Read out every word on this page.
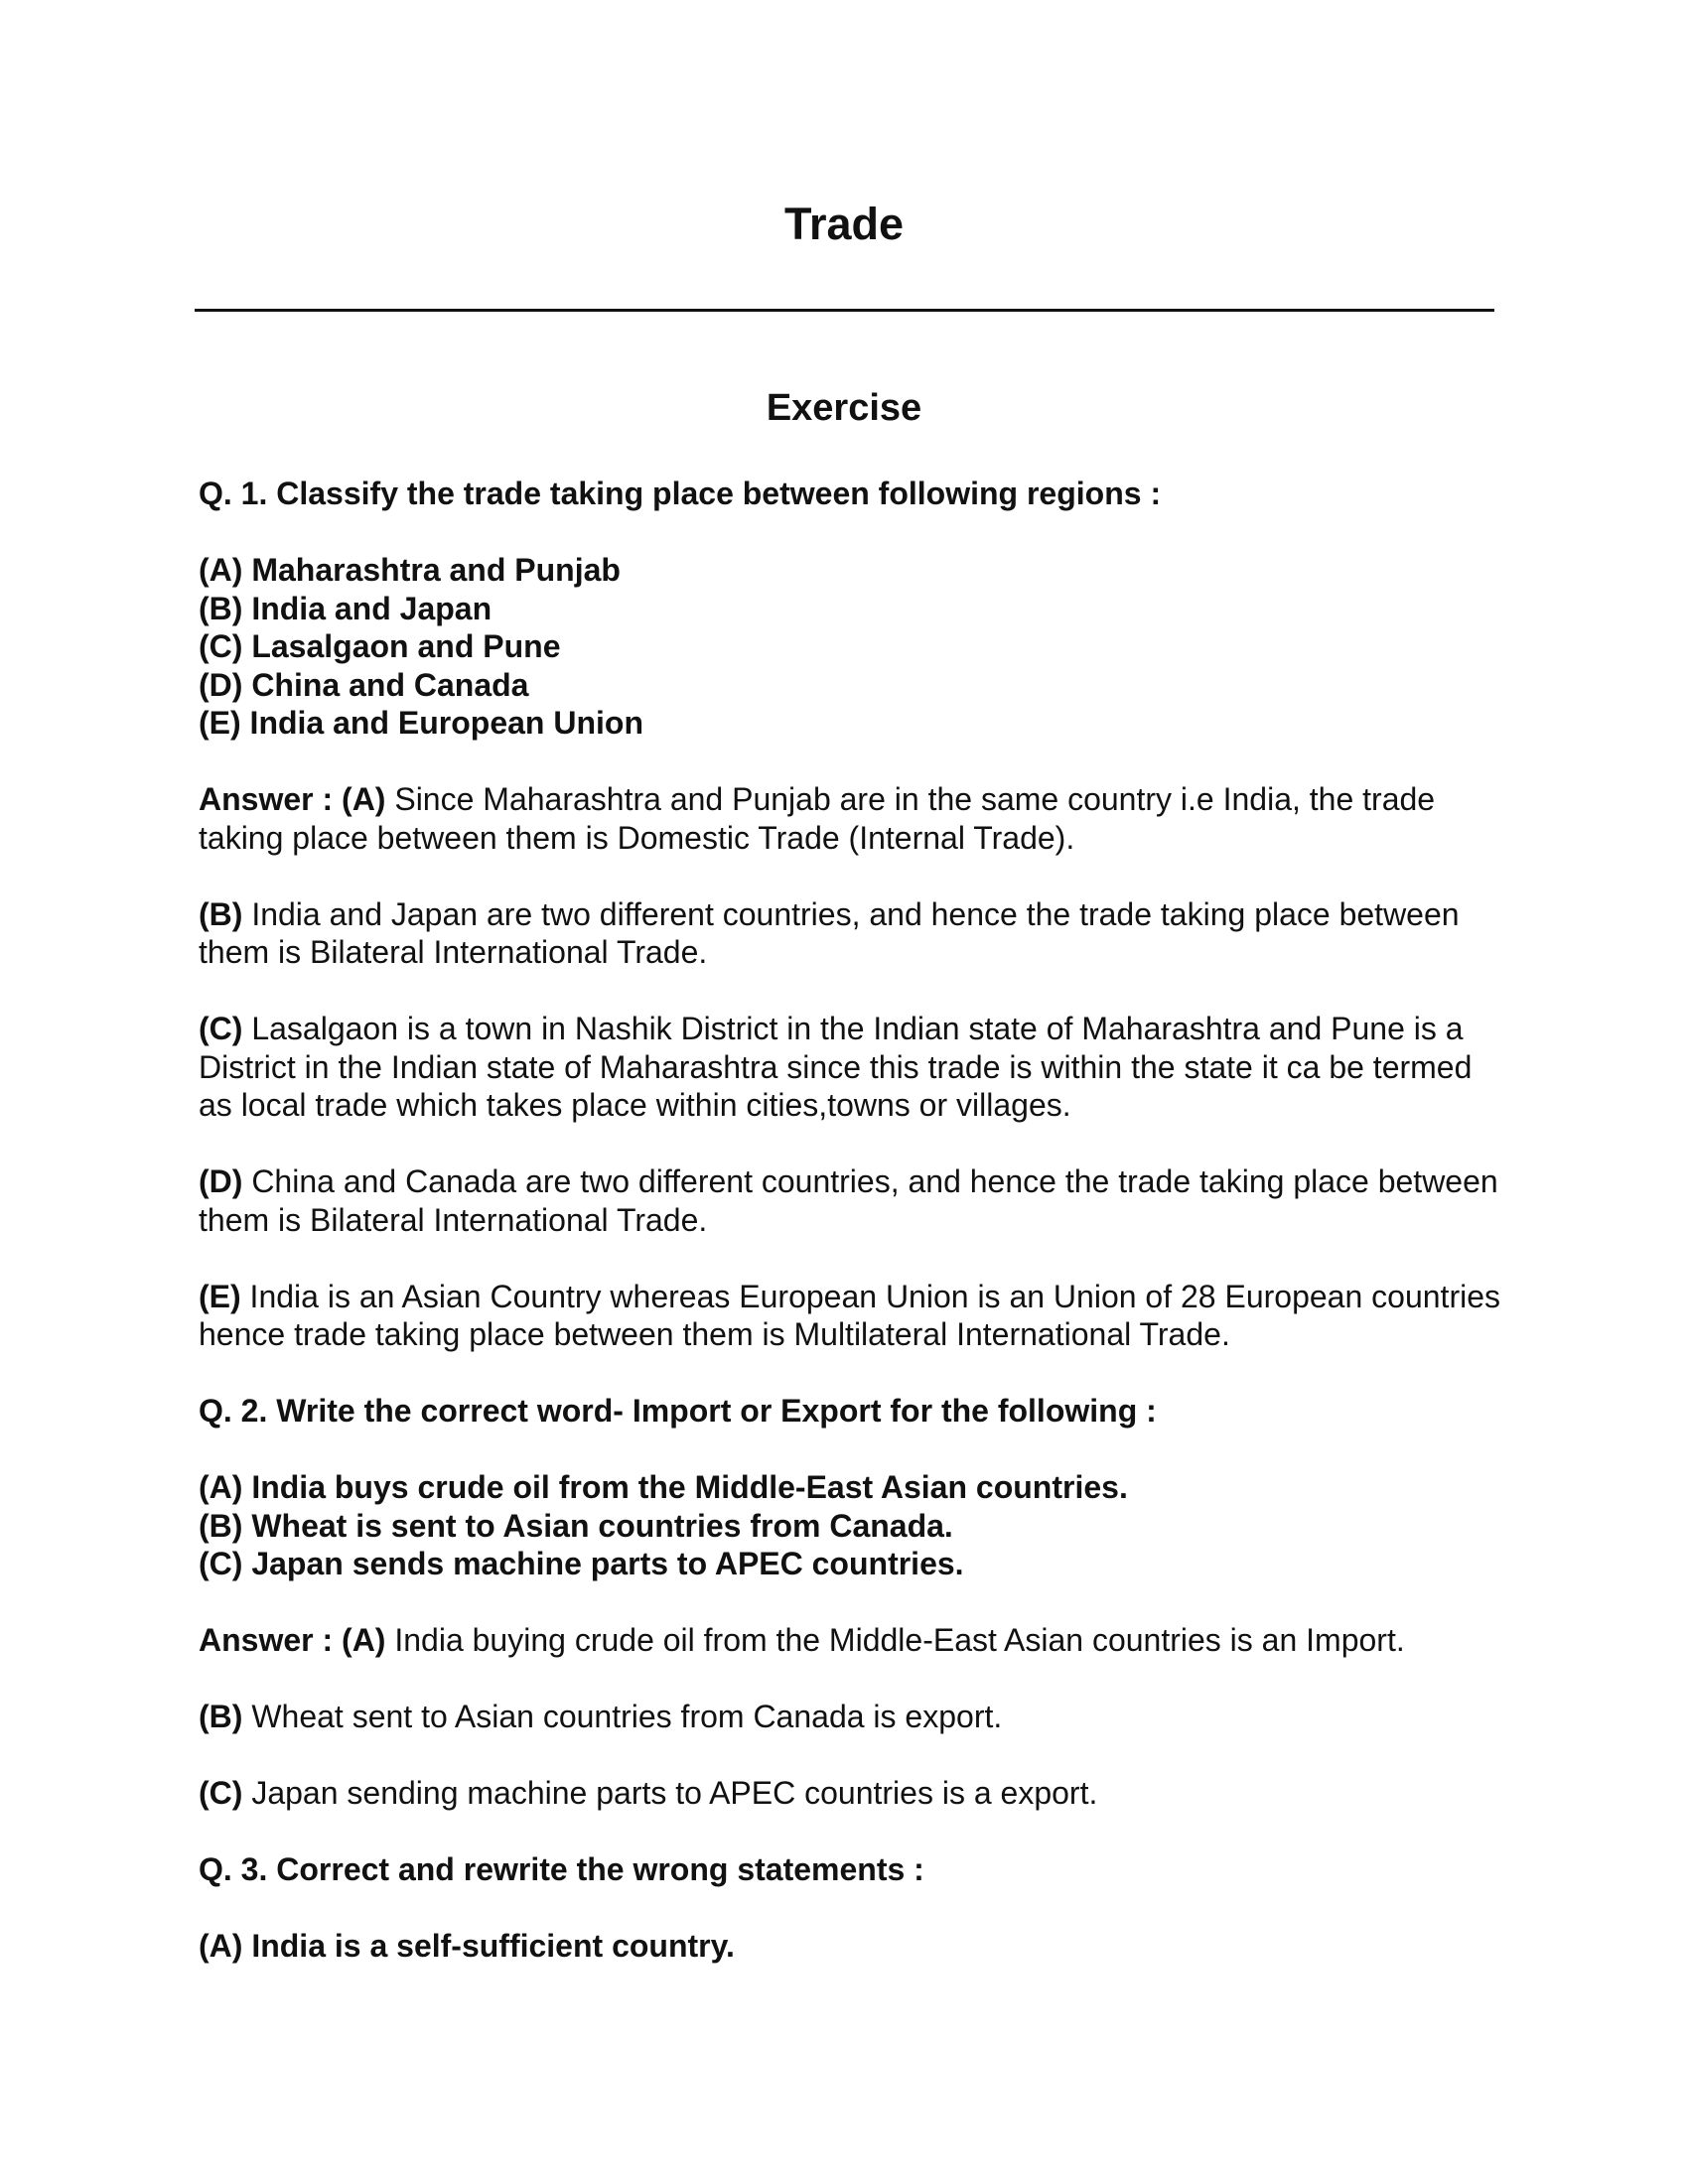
Trade
Exercise
Q. 1. Classify the trade taking place between following regions :
(A) Maharashtra and Punjab
(B) India and Japan
(C) Lasalgaon and Pune
(D) China and Canada
(E) India and European Union
Answer : (A) Since Maharashtra and Punjab are in the same country i.e India, the trade taking place between them is Domestic Trade (Internal Trade).
(B) India and Japan are two different countries, and hence the trade taking place between them is Bilateral International Trade.
(C) Lasalgaon is a town in Nashik District in the Indian state of Maharashtra and Pune is a District in the Indian state of Maharashtra since this trade is within the state it ca be termed as local trade which takes place within cities,towns or villages.
(D) China and Canada are two different countries, and hence the trade taking place between them is Bilateral International Trade.
(E) India is an Asian Country whereas European Union is an Union of 28 European countries hence trade taking place between them is Multilateral International Trade.
Q. 2. Write the correct word- Import or Export for the following :
(A) India buys crude oil from the Middle-East Asian countries.
(B) Wheat is sent to Asian countries from Canada.
(C) Japan sends machine parts to APEC countries.
Answer : (A) India buying crude oil from the Middle-East Asian countries is an Import.
(B) Wheat sent to Asian countries from Canada is export.
(C) Japan sending machine parts to APEC countries is a export.
Q. 3. Correct and rewrite the wrong statements :
(A) India is a self-sufficient country.
